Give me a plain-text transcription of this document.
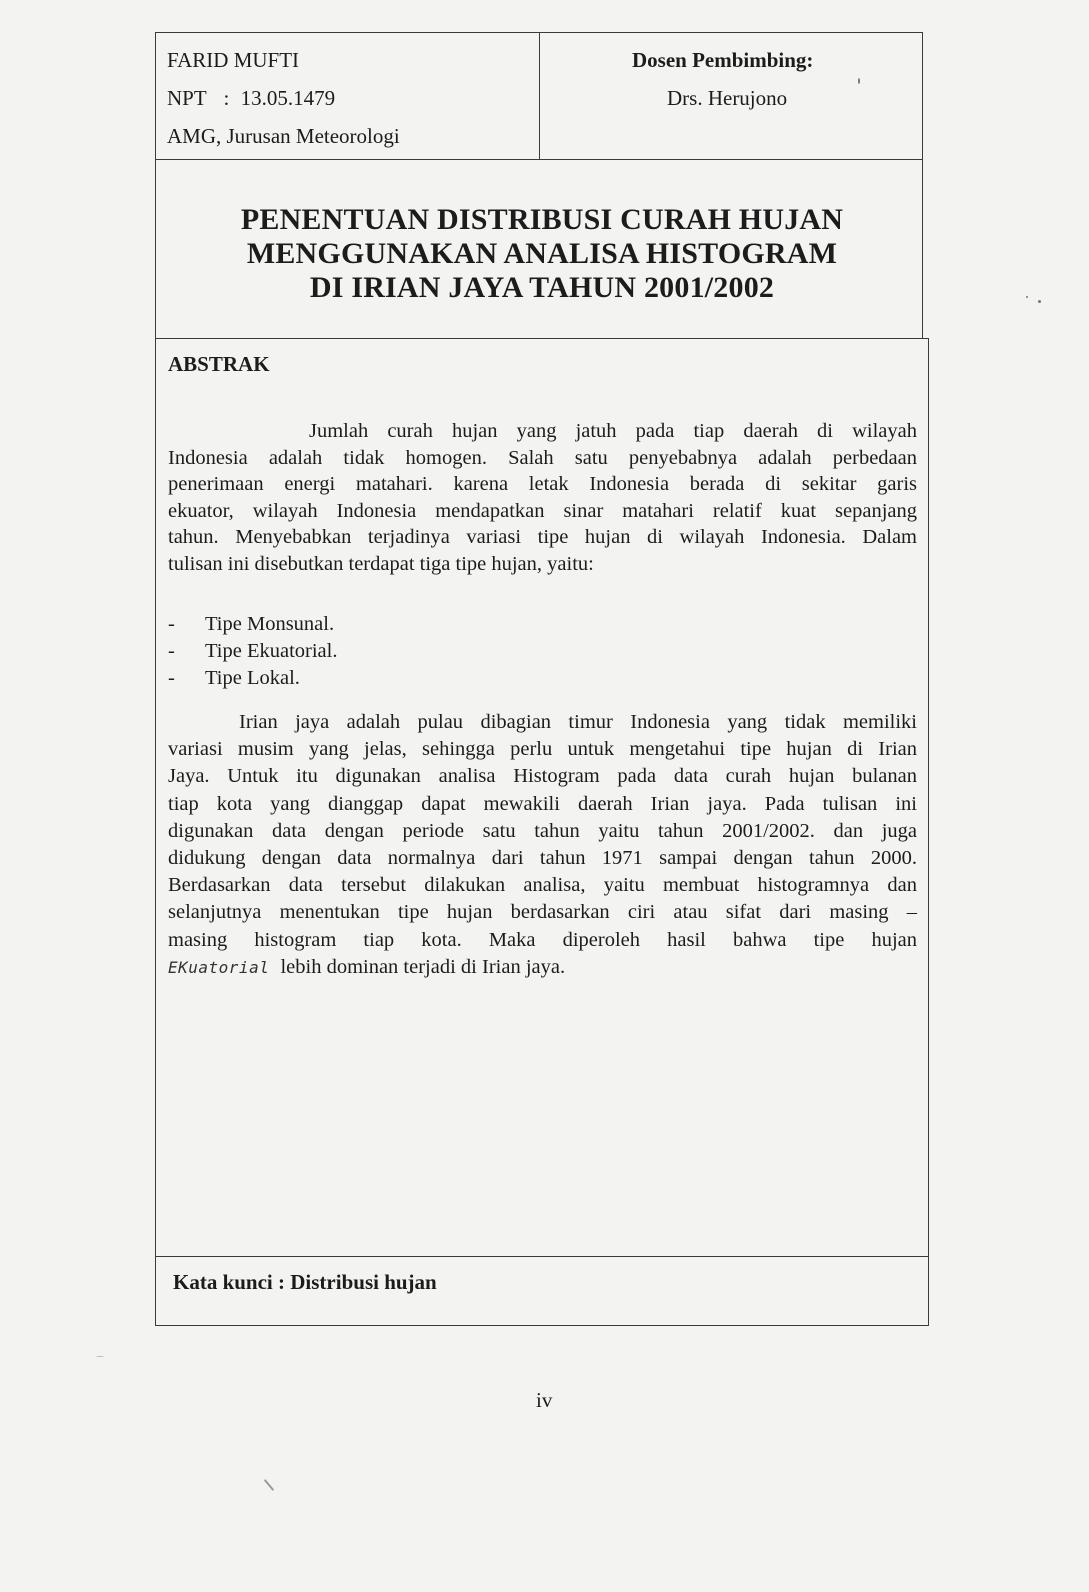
FARID MUFTI
NPT : 13.05.1479
AMG, Jurusan Meteorologi
Dosen Pembimbing:
Drs. Herujono
PENENTUAN DISTRIBUSI CURAH HUJAN
MENGGUNAKAN ANALISA HISTOGRAM
DI IRIAN JAYA TAHUN 2001/2002
ABSTRAK
Jumlah curah hujan yang jatuh pada tiap daerah di wilayah
Indonesia adalah tidak homogen. Salah satu penyebabnya adalah perbedaan
penerimaan energi matahari. karena letak Indonesia berada di sekitar garis
ekuator, wilayah Indonesia mendapatkan sinar matahari relatif kuat sepanjang
tahun. Menyebabkan terjadinya variasi tipe hujan di wilayah Indonesia. Dalam
tulisan ini disebutkan terdapat tiga tipe hujan, yaitu:
- Tipe Monsunal.
- Tipe Ekuatorial.
- Tipe Lokal.
Irian jaya adalah pulau dibagian timur Indonesia yang tidak memiliki
variasi musim yang jelas, sehingga perlu untuk mengetahui tipe hujan di Irian
Jaya. Untuk itu digunakan analisa Histogram pada data curah hujan bulanan
tiap kota yang dianggap dapat mewakili daerah Irian jaya. Pada tulisan ini
digunakan data dengan periode satu tahun yaitu tahun 2001/2002. dan juga
didukung dengan data normalnya dari tahun 1971 sampai dengan tahun 2000.
Berdasarkan data tersebut dilakukan analisa, yaitu membuat histogramnya dan
selanjutnya menentukan tipe hujan berdasarkan ciri atau sifat dari masing –
masing histogram tiap kota. Maka diperoleh hasil bahwa tipe hujan
EKuatorial lebih dominan terjadi di Irian jaya.
Kata kunci : Distribusi hujan
iv
